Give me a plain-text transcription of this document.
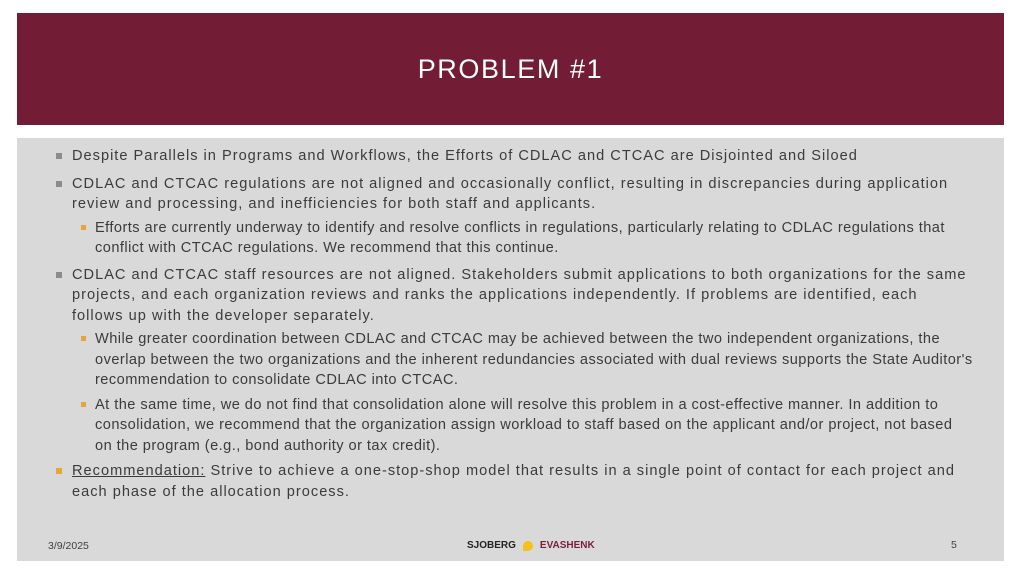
PROBLEM #1
Despite Parallels in Programs and Workflows, the Efforts of CDLAC and CTCAC are Disjointed and Siloed
CDLAC and CTCAC regulations are not aligned and occasionally conflict, resulting in discrepancies during application review and processing, and inefficiencies for both staff and applicants.
Efforts are currently underway to identify and resolve conflicts in regulations, particularly relating to CDLAC regulations that conflict with CTCAC regulations. We recommend that this continue.
CDLAC and CTCAC staff resources are not aligned. Stakeholders submit applications to both organizations for the same projects, and each organization reviews and ranks the applications independently. If problems are identified, each follows up with the developer separately.
While greater coordination between CDLAC and CTCAC may be achieved between the two independent organizations, the overlap between the two organizations and the inherent redundancies associated with dual reviews supports the State Auditor's recommendation to consolidate CDLAC into CTCAC.
At the same time, we do not find that consolidation alone will resolve this problem in a cost-effective manner. In addition to consolidation, we recommend that the organization assign workload to staff based on the applicant and/or project, not based on the program (e.g., bond authority or tax credit).
Recommendation: Strive to achieve a one-stop-shop model that results in a single point of contact for each project and each phase of the allocation process.
3/9/2025	SJOBERG EVASHENK	5
